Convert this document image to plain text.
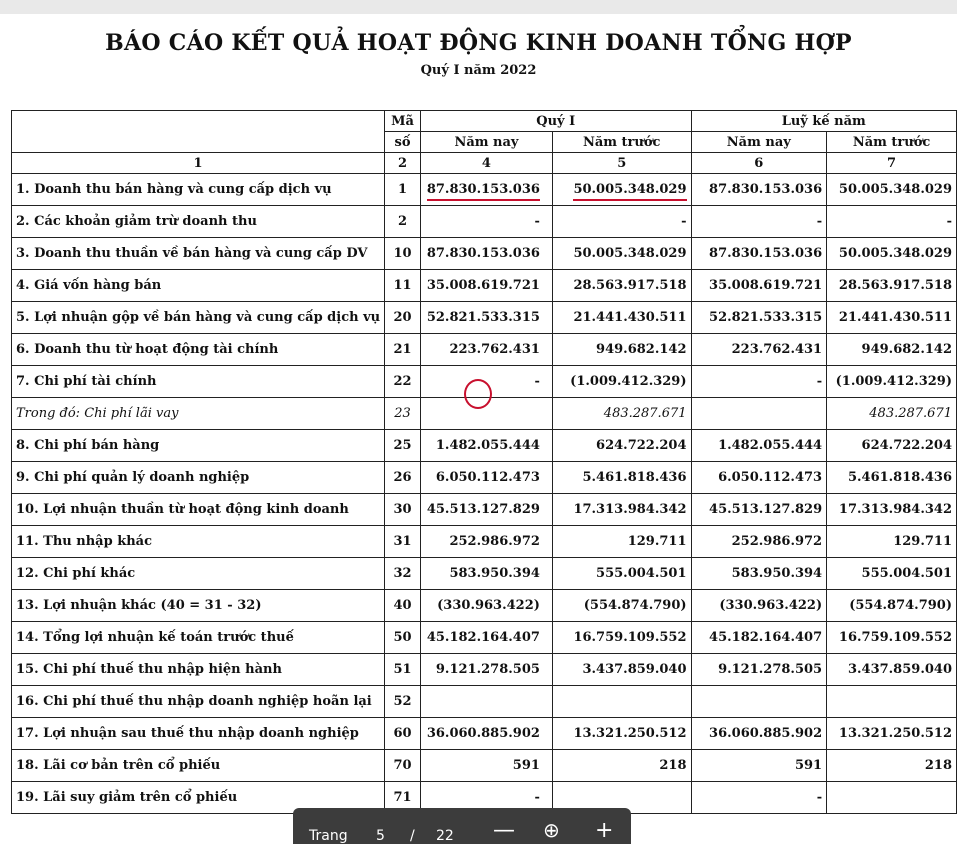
BÁO CÁO KẾT QUẢ HOẠT ĐỘNG KINH DOANH TỔNG HỢP
Quý I năm 2022
	Mã	Quý I		Luỹ kế năm	
	số	Năm nay	Năm trước	Năm nay	Năm trước
1	2	4	5	6	7
1. Doanh thu bán hàng và cung cấp dịch vụ	1	87.830.153.036	50.005.348.029	87.830.153.036	50.005.348.029
2. Các khoản giảm trừ doanh thu	2	-	-	-	-
3. Doanh thu thuần về bán hàng và cung cấp DV	10	87.830.153.036	50.005.348.029	87.830.153.036	50.005.348.029
4. Giá vốn hàng bán	11	35.008.619.721	28.563.917.518	35.008.619.721	28.563.917.518
5. Lợi nhuận gộp về bán hàng và cung cấp dịch vụ	20	52.821.533.315	21.441.430.511	52.821.533.315	21.441.430.511
6. Doanh thu từ hoạt động tài chính	21	223.762.431	949.682.142	223.762.431	949.682.142
7. Chi phí tài chính	22	-	(1.009.412.329)	-	(1.009.412.329)
Trong đó: Chi phí lãi vay	23		483.287.671		483.287.671
8. Chi phí bán hàng	25	1.482.055.444	624.722.204	1.482.055.444	624.722.204
9. Chi phí quản lý doanh nghiệp	26	6.050.112.473	5.461.818.436	6.050.112.473	5.461.818.436
10. Lợi nhuận thuần từ hoạt động kinh doanh	30	45.513.127.829	17.313.984.342	45.513.127.829	17.313.984.342
11. Thu nhập khác	31	252.986.972	129.711	252.986.972	129.711
12. Chi phí khác	32	583.950.394	555.004.501	583.950.394	555.004.501
13. Lợi nhuận khác (40 = 31 - 32)	40	(330.963.422)	(554.874.790)	(330.963.422)	(554.874.790)
14. Tổng lợi nhuận kế toán trước thuế	50	45.182.164.407	16.759.109.552	45.182.164.407	16.759.109.552
15. Chi phí thuế thu nhập hiện hành	51	9.121.278.505	3.437.859.040	9.121.278.505	3.437.859.040
16. Chi phí thuế thu nhập doanh nghiệp hoãn lại	52				
17. Lợi nhuận sau thuế thu nhập doanh nghiệp	60	36.060.885.902	13.321.250.512	36.060.885.902	13.321.250.512
18. Lãi cơ bản trên cổ phiếu	70	591	218	591	218
19. Lãi suy giảm trên cổ phiếu	71	-		-	
Trang 5 / 22 — ⊕ +
